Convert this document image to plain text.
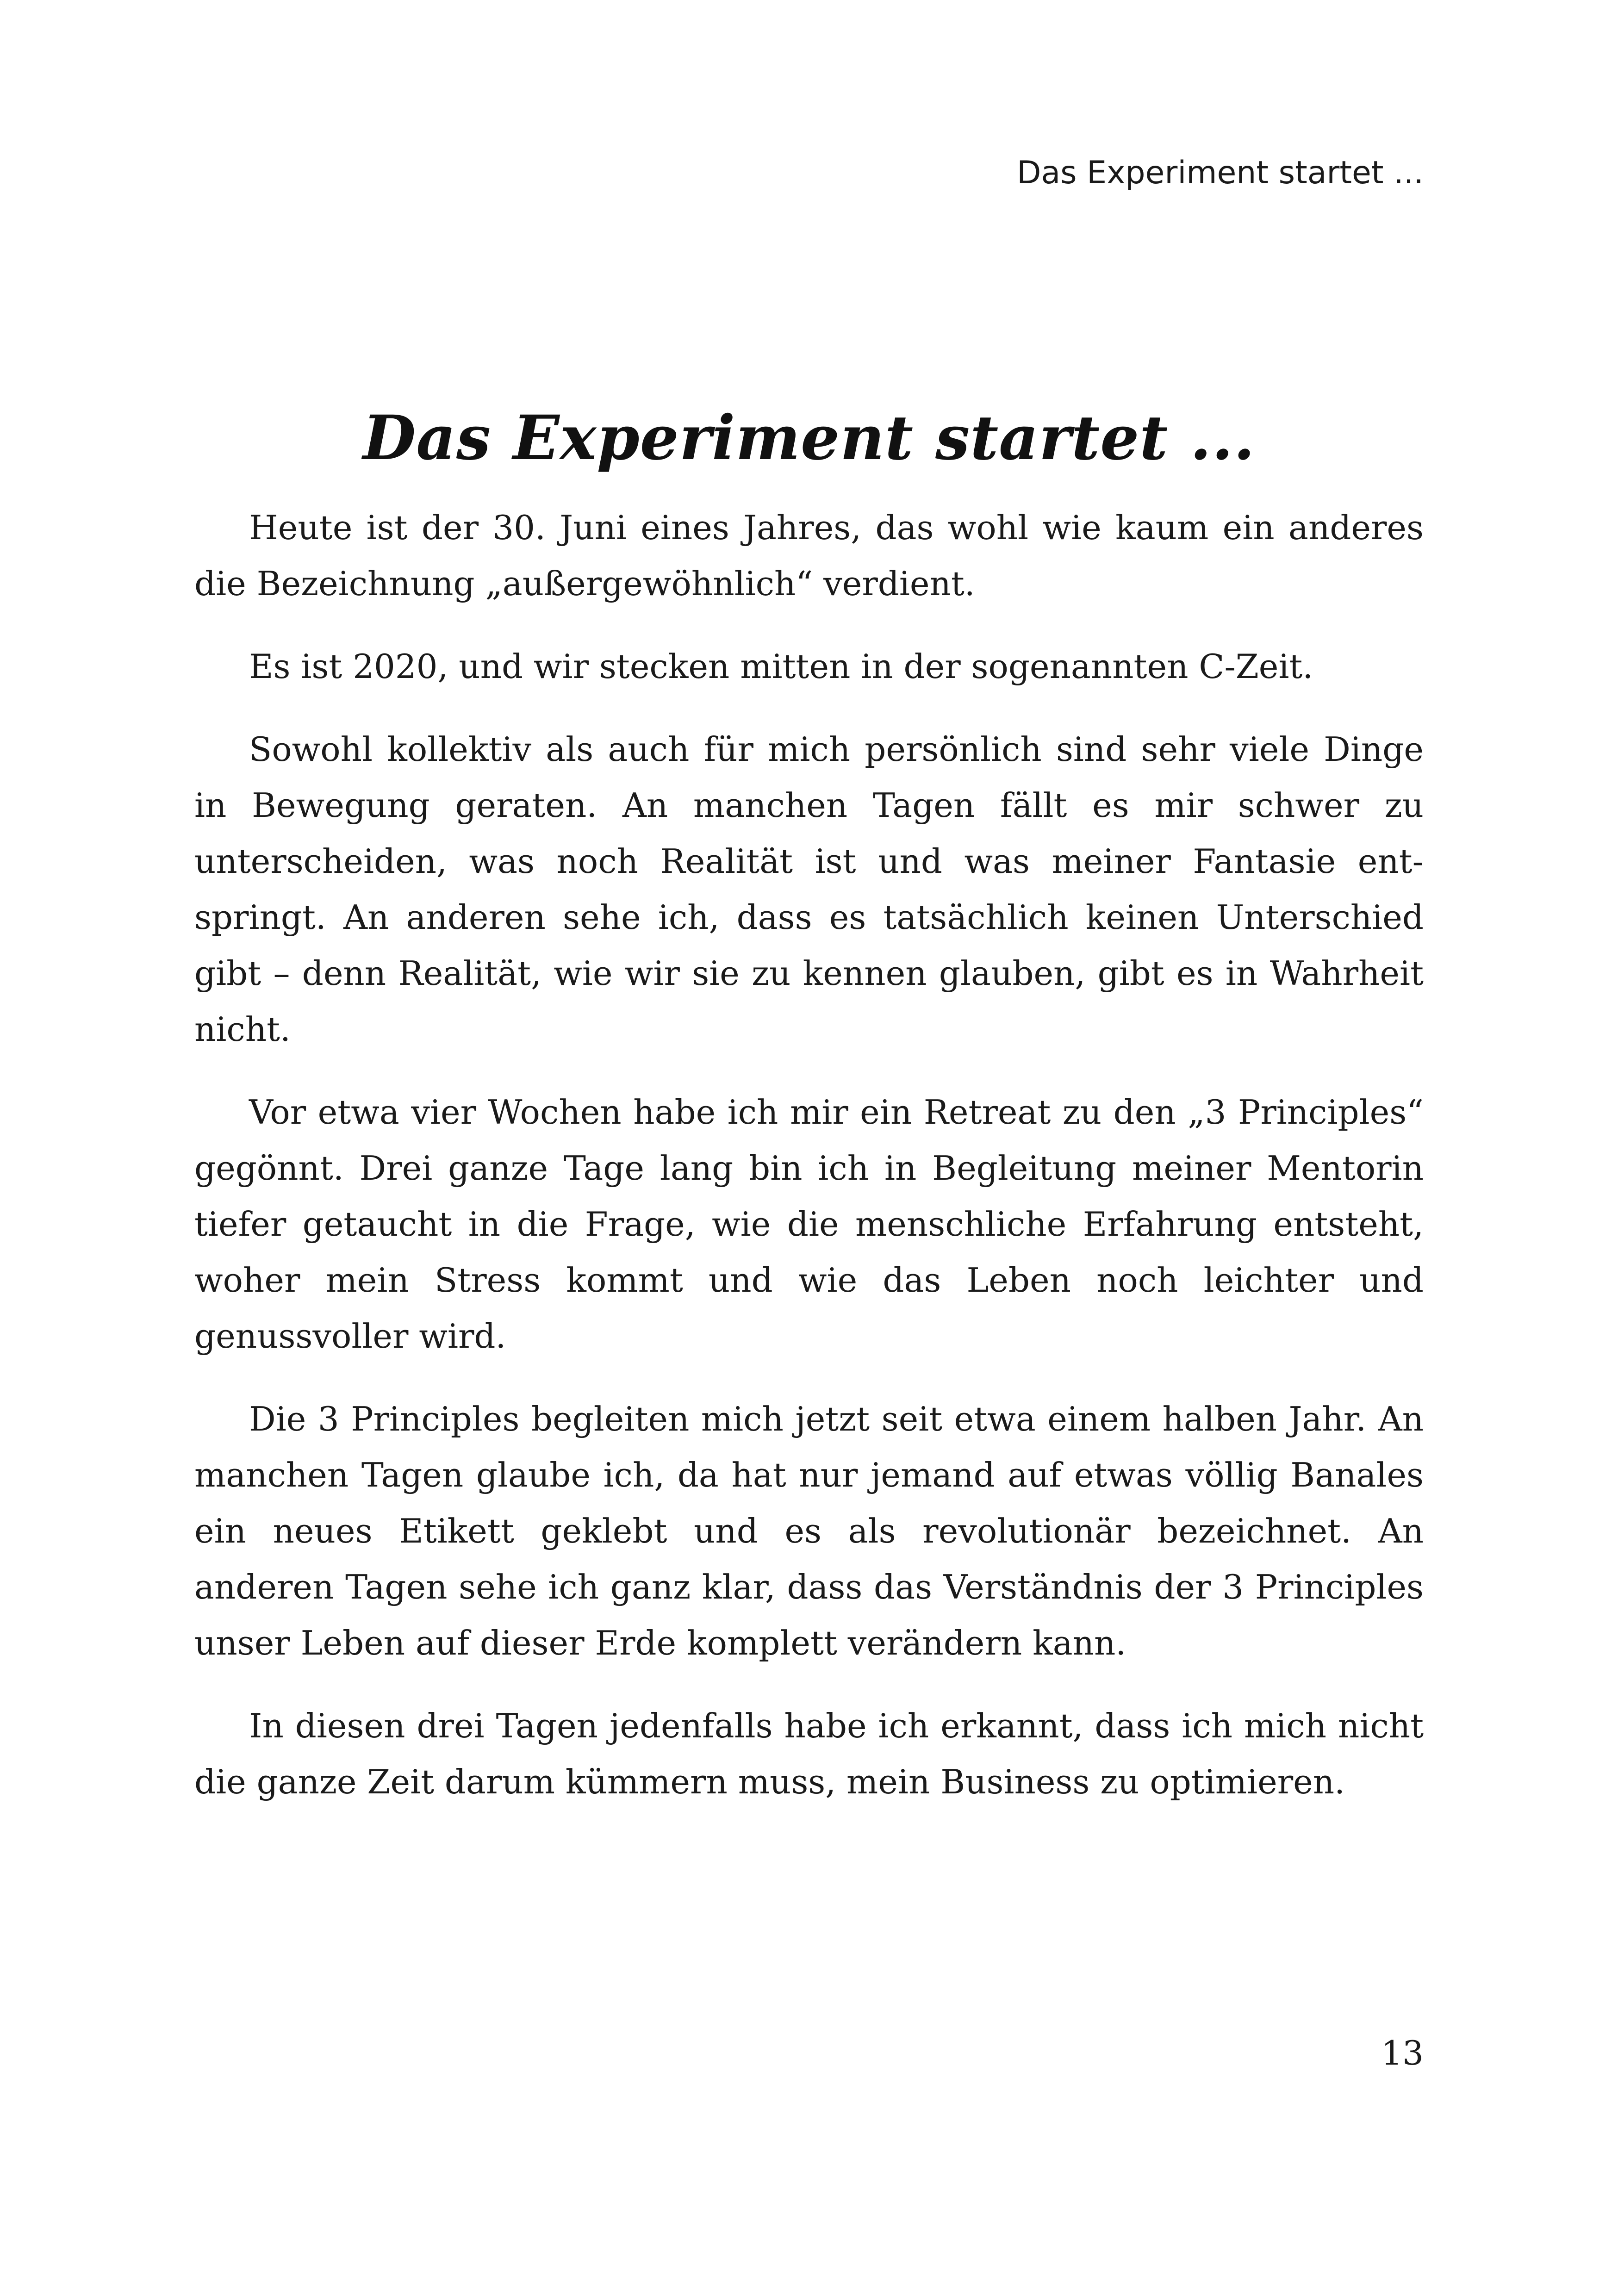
Das Experiment startet ...
Das Experiment startet ...

Heute ist der 30. Juni eines Jahres, das wohl wie kaum ein anderes die Bezeichnung „außergewöhnlich“ verdient.

Es ist 2020, und wir stecken mitten in der sogenannten C-Zeit.

Sowohl kollektiv als auch für mich persönlich sind sehr viele Dinge in Bewegung geraten. An manchen Tagen fällt es mir schwer zu unterscheiden, was noch Realität ist und was meiner Fantasie entspringt. An anderen sehe ich, dass es tatsächlich keinen Unterschied gibt – denn Realität, wie wir sie zu kennen glauben, gibt es in Wahrheit nicht.

Vor etwa vier Wochen habe ich mir ein Retreat zu den „3 Principles“ gegönnt. Drei ganze Tage lang bin ich in Begleitung meiner Mentorin tiefer getaucht in die Frage, wie die menschliche Erfahrung entsteht, woher mein Stress kommt und wie das Leben noch leichter und genussvoller wird.

Die 3 Principles begleiten mich jetzt seit etwa einem halben Jahr. An manchen Tagen glaube ich, da hat nur jemand auf etwas völlig Banales ein neues Etikett geklebt und es als revolutionär bezeichnet. An anderen Tagen sehe ich ganz klar, dass das Verständnis der 3 Principles unser Leben auf dieser Erde komplett verändern kann.

In diesen drei Tagen jedenfalls habe ich erkannt, dass ich mich nicht die ganze Zeit darum kümmern muss, mein Business zu optimieren.

13
